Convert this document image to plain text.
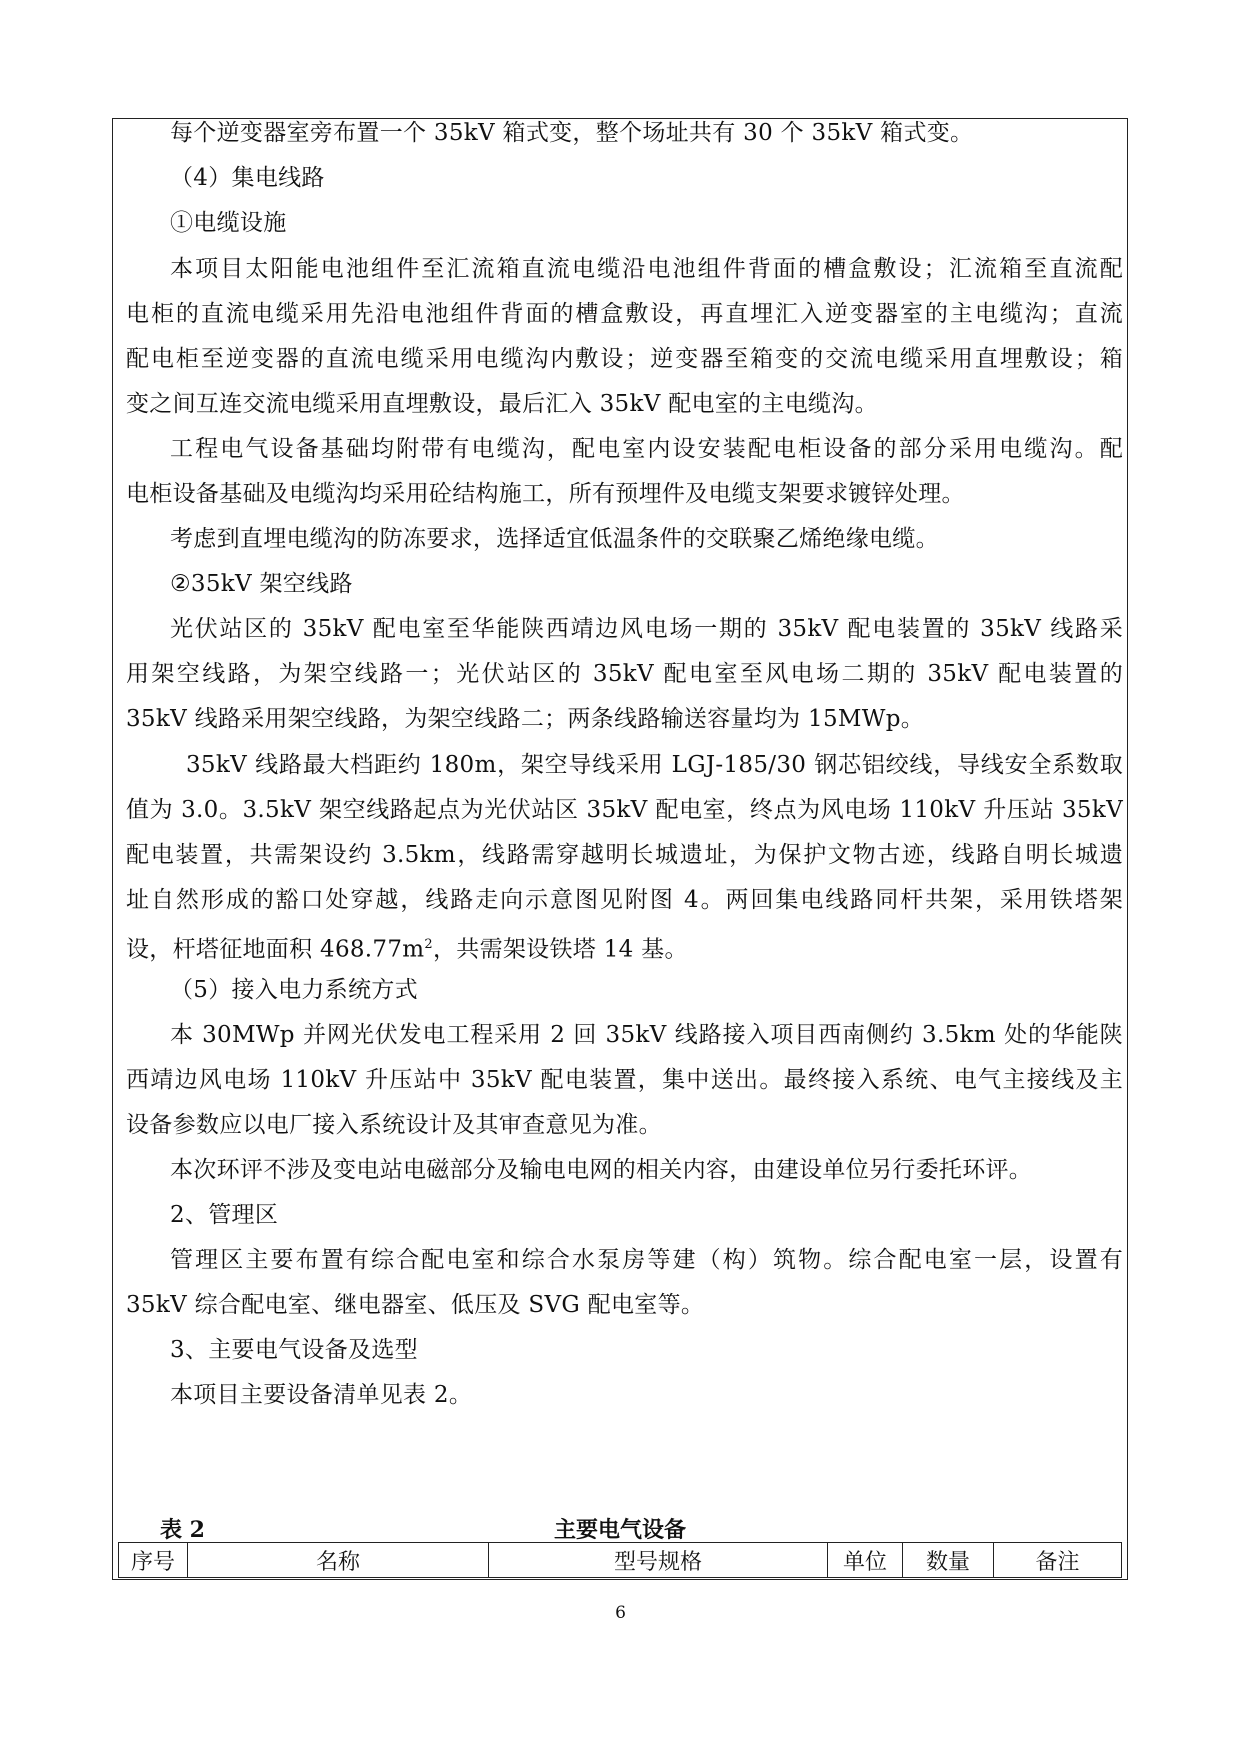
每个逆变器室旁布置一个 35kV 箱式变，整个场址共有 30 个 35kV 箱式变。
（4）集电线路
①电缆设施
本项目太阳能电池组件至汇流箱直流电缆沿电池组件背面的槽盒敷设；汇流箱至直流配
电柜的直流电缆采用先沿电池组件背面的槽盒敷设，再直埋汇入逆变器室的主电缆沟；直流
配电柜至逆变器的直流电缆采用电缆沟内敷设；逆变器至箱变的交流电缆采用直埋敷设；箱
变之间互连交流电缆采用直埋敷设，最后汇入 35kV 配电室的主电缆沟。
工程电气设备基础均附带有电缆沟，配电室内设安装配电柜设备的部分采用电缆沟。配
电柜设备基础及电缆沟均采用砼结构施工，所有预埋件及电缆支架要求镀锌处理。
考虑到直埋电缆沟的防冻要求，选择适宜低温条件的交联聚乙烯绝缘电缆。
②35kV 架空线路
光伏站区的 35kV 配电室至华能陕西靖边风电场一期的 35kV 配电装置的 35kV 线路采
用架空线路，为架空线路一；光伏站区的 35kV 配电室至风电场二期的 35kV 配电装置的
35kV 线路采用架空线路，为架空线路二；两条线路输送容量均为 15MWp。
35kV 线路最大档距约 180m，架空导线采用 LGJ-185/30 钢芯铝绞线，导线安全系数取
值为 3.0。3.5kV 架空线路起点为光伏站区 35kV 配电室，终点为风电场 110kV 升压站 35kV
配电装置，共需架设约 3.5km，线路需穿越明长城遗址，为保护文物古迹，线路自明长城遗
址自然形成的豁口处穿越，线路走向示意图见附图 4。两回集电线路同杆共架，采用铁塔架
设，杆塔征地面积 $468.77m^2$，共需架设铁塔 14 基。
（5）接入电力系统方式
本 30MWp 并网光伏发电工程采用 2 回 35kV 线路接入项目西南侧约 3.5km 处的华能陕
西靖边风电场 110kV 升压站中 35kV 配电装置，集中送出。最终接入系统、电气主接线及主
设备参数应以电厂接入系统设计及其审查意见为准。
本次环评不涉及变电站电磁部分及输电电网的相关内容，由建设单位另行委托环评。
2、管理区
管理区主要布置有综合配电室和综合水泵房等建（构）筑物。综合配电室一层，设置有
35kV 综合配电室、继电器室、低压及 SVG 配电室等。
3、主要电气设备及选型
本项目主要设备清单见表 2。
表 2	主要电气设备
序号	名称	型号规格	单位	数量	备注
6
